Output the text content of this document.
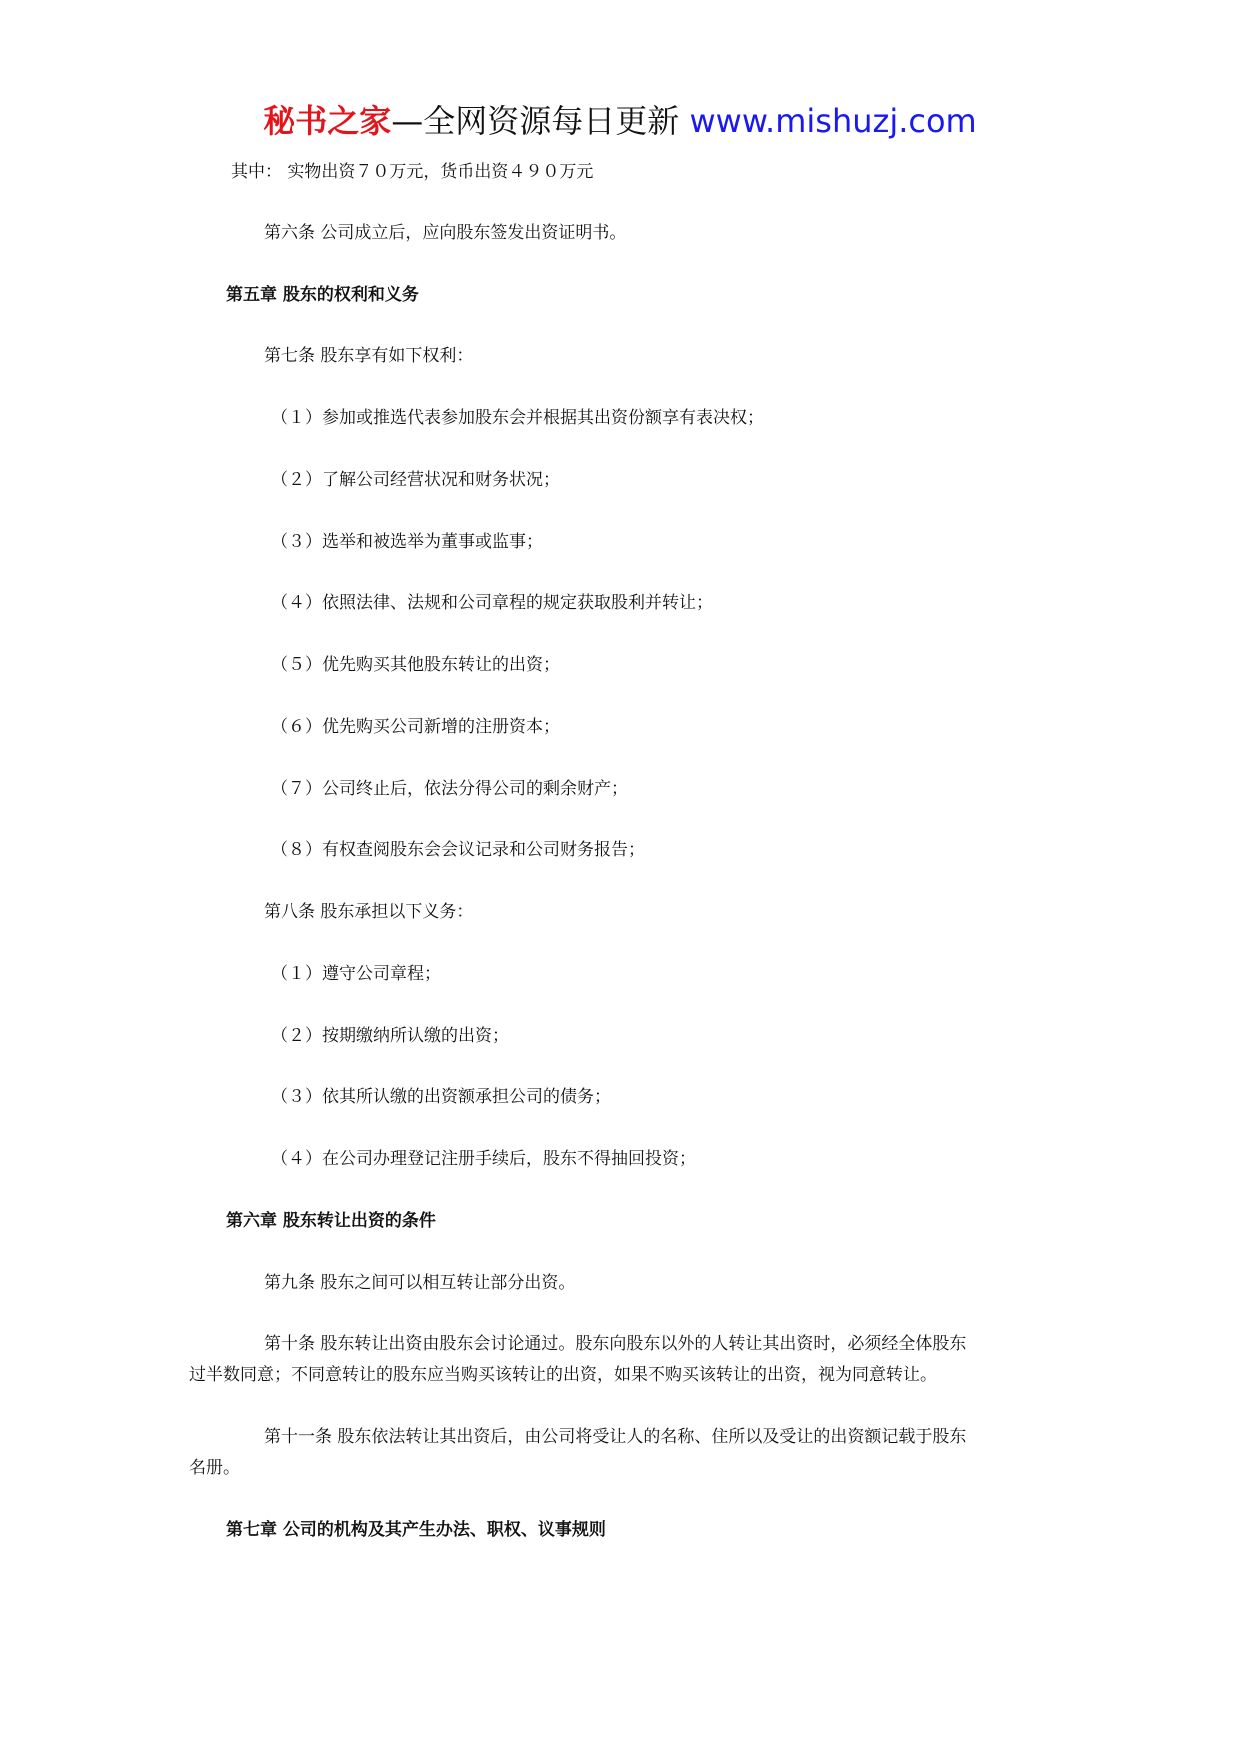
秘书之家—全网资源每日更新 www.mishuzj.com
其中： 实物出资７０万元，货币出资４９０万元
第六条 公司成立后，应向股东签发出资证明书。
第五章 股东的权利和义务
第七条 股东享有如下权利：
（１）参加或推选代表参加股东会并根据其出资份额享有表决权；
（２）了解公司经营状况和财务状况；
（３）选举和被选举为董事或监事；
（４）依照法律、法规和公司章程的规定获取股利并转让；
（５）优先购买其他股东转让的出资；
（６）优先购买公司新增的注册资本；
（７）公司终止后，依法分得公司的剩余财产；
（８）有权查阅股东会会议记录和公司财务报告；
第八条 股东承担以下义务：
（１）遵守公司章程；
（２）按期缴纳所认缴的出资；
（３）依其所认缴的出资额承担公司的债务；
（４）在公司办理登记注册手续后，股东不得抽回投资；
第六章 股东转让出资的条件
第九条 股东之间可以相互转让部分出资。
第十条 股东转让出资由股东会讨论通过。股东向股东以外的人转让其出资时，必须经全体股东
过半数同意；不同意转让的股东应当购买该转让的出资，如果不购买该转让的出资，视为同意转让。
第十一条 股东依法转让其出资后，由公司将受让人的名称、住所以及受让的出资额记载于股东
名册。
第七章 公司的机构及其产生办法、职权、议事规则
